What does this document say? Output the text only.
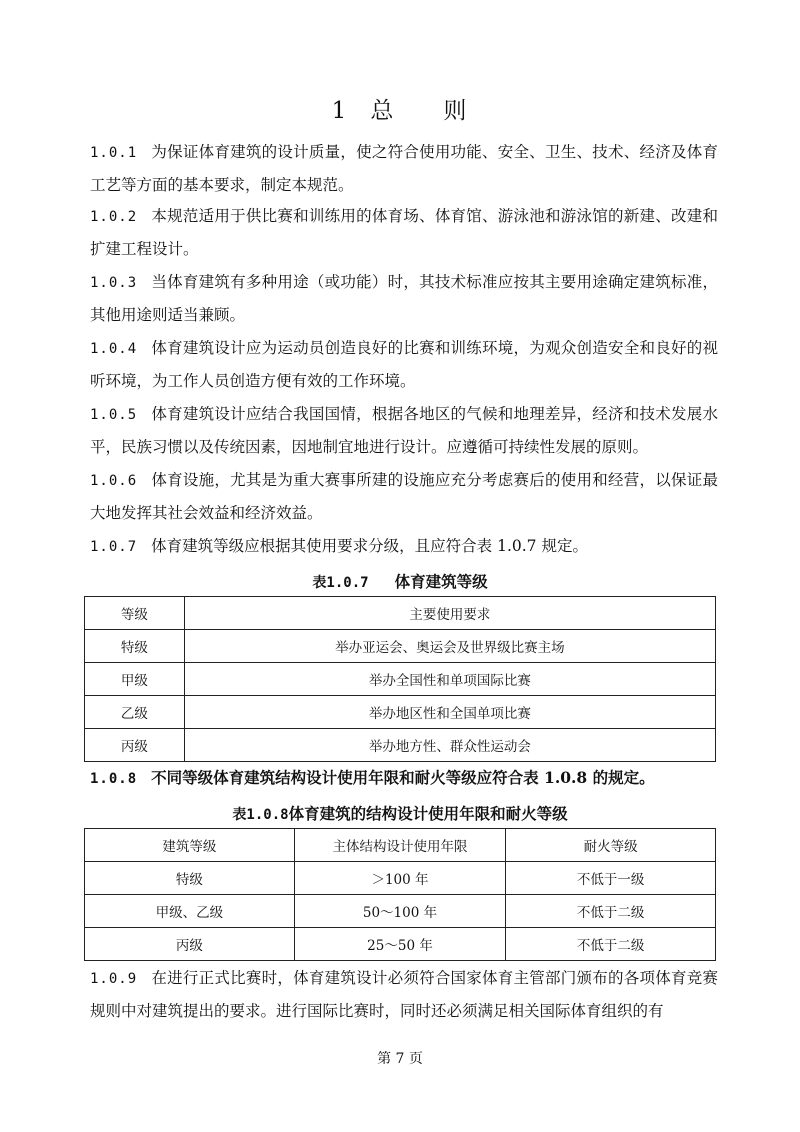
1 总 则
1.0.1 为保证体育建筑的设计质量，使之符合使用功能、安全、卫生、技术、经济及体育工艺等方面的基本要求，制定本规范。
1.0.2 本规范适用于供比赛和训练用的体育场、体育馆、游泳池和游泳馆的新建、改建和扩建工程设计。
1.0.3 当体育建筑有多种用途（或功能）时，其技术标准应按其主要用途确定建筑标准，其他用途则适当兼顾。
1.0.4 体育建筑设计应为运动员创造良好的比赛和训练环境，为观众创造安全和良好的视听环境，为工作人员创造方便有效的工作环境。
1.0.5 体育建筑设计应结合我国国情，根据各地区的气候和地理差异，经济和技术发展水平，民族习惯以及传统因素，因地制宜地进行设计。应遵循可持续性发展的原则。
1.0.6 体育设施，尤其是为重大赛事所建的设施应充分考虑赛后的使用和经营，以保证最大地发挥其社会效益和经济效益。
1.0.7 体育建筑等级应根据其使用要求分级，且应符合表 1.0.7 规定。
表1.0.7 体育建筑等级
等级	主要使用要求
特级	举办亚运会、奥运会及世界级比赛主场
甲级	举办全国性和单项国际比赛
乙级	举办地区性和全国单项比赛
丙级	举办地方性、群众性运动会
1.0.8 不同等级体育建筑结构设计使用年限和耐火等级应符合表 1.0.8 的规定。
表1.0.8体育建筑的结构设计使用年限和耐火等级
建筑等级	主体结构设计使用年限	耐火等级
特级	＞100 年	不低于一级
甲级、乙级	50～100 年	不低于二级
丙级	25～50 年	不低于二级
1.0.9 在进行正式比赛时，体育建筑设计必须符合国家体育主管部门颁布的各项体育竞赛规则中对建筑提出的要求。进行国际比赛时，同时还必须满足相关国际体育组织的有
第 7 页
